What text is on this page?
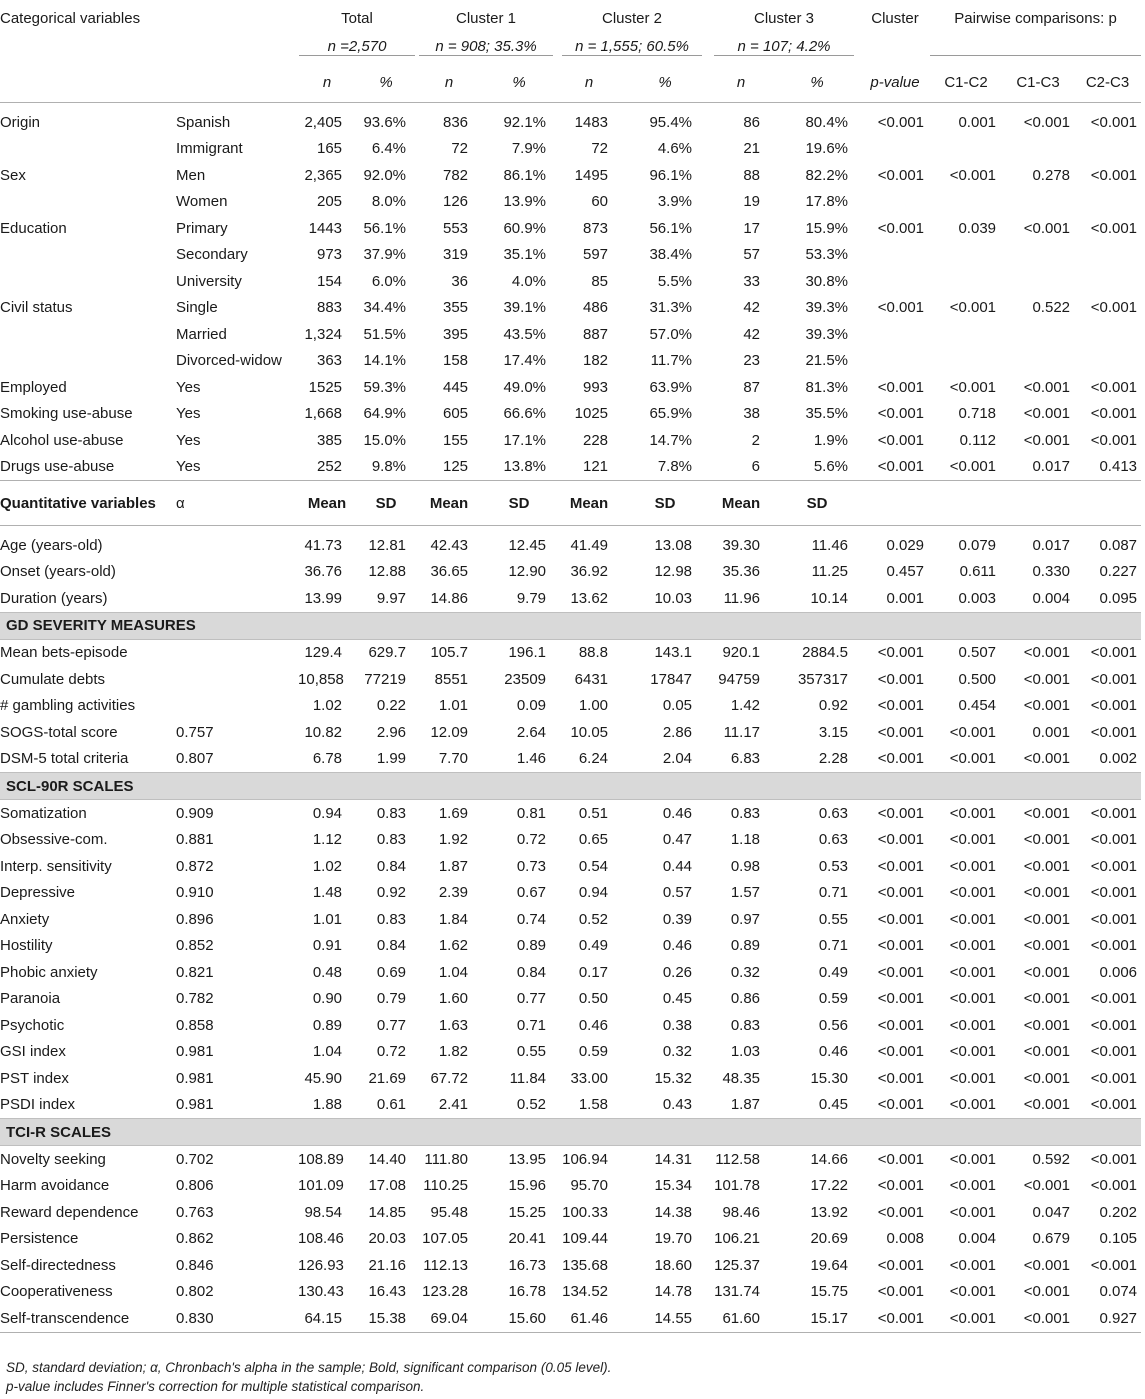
Categorical variables		Total		Cluster 1		Cluster 2		Cluster 3		Cluster	Pairwise comparisons: p		
		n =2,570		n = 908; 35.3%		n = 1,555; 60.5%		n = 107; 4.2%					
		n	%	n	%	n	%	n	%	p-value	C1-C2	C1-C3	C2-C3

Origin	Spanish	2,405	93.6%	836	92.1%	1483	95.4%	86	80.4%	<0.001	0.001	<0.001	<0.001
	Immigrant	165	6.4%	72	7.9%	72	4.6%	21	19.6%				
Sex	Men	2,365	92.0%	782	86.1%	1495	96.1%	88	82.2%	<0.001	<0.001	0.278	<0.001
	Women	205	8.0%	126	13.9%	60	3.9%	19	17.8%				
Education	Primary	1443	56.1%	553	60.9%	873	56.1%	17	15.9%	<0.001	0.039	<0.001	<0.001
	Secondary	973	37.9%	319	35.1%	597	38.4%	57	53.3%				
	University	154	6.0%	36	4.0%	85	5.5%	33	30.8%				
Civil status	Single	883	34.4%	355	39.1%	486	31.3%	42	39.3%	<0.001	<0.001	0.522	<0.001
	Married	1,324	51.5%	395	43.5%	887	57.0%	42	39.3%				
	Divorced-widow	363	14.1%	158	17.4%	182	11.7%	23	21.5%				
Employed	Yes	1525	59.3%	445	49.0%	993	63.9%	87	81.3%	<0.001	<0.001	<0.001	<0.001
Smoking use-abuse	Yes	1,668	64.9%	605	66.6%	1025	65.9%	38	35.5%	<0.001	0.718	<0.001	<0.001
Alcohol use-abuse	Yes	385	15.0%	155	17.1%	228	14.7%	2	1.9%	<0.001	0.112	<0.001	<0.001
Drugs use-abuse	Yes	252	9.8%	125	13.8%	121	7.8%	6	5.6%	<0.001	<0.001	0.017	0.413
Quantitative variables	α	Mean	SD	Mean	SD	Mean	SD	Mean	SD				

Age (years-old)		41.73	12.81	42.43	12.45	41.49	13.08	39.30	11.46	0.029	0.079	0.017	0.087
Onset (years-old)		36.76	12.88	36.65	12.90	36.92	12.98	35.36	11.25	0.457	0.611	0.330	0.227
Duration (years)		13.99	9.97	14.86	9.79	13.62	10.03	11.96	10.14	0.001	0.003	0.004	0.095
GD SEVERITY MEASURES													
Mean bets-episode		129.4	629.7	105.7	196.1	88.8	143.1	920.1	2884.5	<0.001	0.507	<0.001	<0.001
Cumulate debts		10,858	77219	8551	23509	6431	17847	94759	357317	<0.001	0.500	<0.001	<0.001
# gambling activities		1.02	0.22	1.01	0.09	1.00	0.05	1.42	0.92	<0.001	0.454	<0.001	<0.001
SOGS-total score	0.757	10.82	2.96	12.09	2.64	10.05	2.86	11.17	3.15	<0.001	<0.001	0.001	<0.001
DSM-5 total criteria	0.807	6.78	1.99	7.70	1.46	6.24	2.04	6.83	2.28	<0.001	<0.001	<0.001	0.002
SCL-90R SCALES													
Somatization	0.909	0.94	0.83	1.69	0.81	0.51	0.46	0.83	0.63	<0.001	<0.001	<0.001	<0.001
Obsessive-com.	0.881	1.12	0.83	1.92	0.72	0.65	0.47	1.18	0.63	<0.001	<0.001	<0.001	<0.001
Interp. sensitivity	0.872	1.02	0.84	1.87	0.73	0.54	0.44	0.98	0.53	<0.001	<0.001	<0.001	<0.001
Depressive	0.910	1.48	0.92	2.39	0.67	0.94	0.57	1.57	0.71	<0.001	<0.001	<0.001	<0.001
Anxiety	0.896	1.01	0.83	1.84	0.74	0.52	0.39	0.97	0.55	<0.001	<0.001	<0.001	<0.001
Hostility	0.852	0.91	0.84	1.62	0.89	0.49	0.46	0.89	0.71	<0.001	<0.001	<0.001	<0.001
Phobic anxiety	0.821	0.48	0.69	1.04	0.84	0.17	0.26	0.32	0.49	<0.001	<0.001	<0.001	0.006
Paranoia	0.782	0.90	0.79	1.60	0.77	0.50	0.45	0.86	0.59	<0.001	<0.001	<0.001	<0.001
Psychotic	0.858	0.89	0.77	1.63	0.71	0.46	0.38	0.83	0.56	<0.001	<0.001	<0.001	<0.001
GSI index	0.981	1.04	0.72	1.82	0.55	0.59	0.32	1.03	0.46	<0.001	<0.001	<0.001	<0.001
PST index	0.981	45.90	21.69	67.72	11.84	33.00	15.32	48.35	15.30	<0.001	<0.001	<0.001	<0.001
PSDI index	0.981	1.88	0.61	2.41	0.52	1.58	0.43	1.87	0.45	<0.001	<0.001	<0.001	<0.001
TCI-R SCALES													
Novelty seeking	0.702	108.89	14.40	111.80	13.95	106.94	14.31	112.58	14.66	<0.001	<0.001	0.592	<0.001
Harm avoidance	0.806	101.09	17.08	110.25	15.96	95.70	15.34	101.78	17.22	<0.001	<0.001	<0.001	<0.001
Reward dependence	0.763	98.54	14.85	95.48	15.25	100.33	14.38	98.46	13.92	<0.001	<0.001	0.047	0.202
Persistence	0.862	108.46	20.03	107.05	20.41	109.44	19.70	106.21	20.69	0.008	0.004	0.679	0.105
Self-directedness	0.846	126.93	21.16	112.13	16.73	135.68	18.60	125.37	19.64	<0.001	<0.001	<0.001	<0.001
Cooperativeness	0.802	130.43	16.43	123.28	16.78	134.52	14.78	131.74	15.75	<0.001	<0.001	<0.001	0.074
Self-transcendence	0.830	64.15	15.38	69.04	15.60	61.46	14.55	61.60	15.17	<0.001	<0.001	<0.001	0.927
SD, standard deviation; α, Chronbach's alpha in the sample; Bold, significant comparison (0.05 level).
p-value includes Finner's correction for multiple statistical comparison.
